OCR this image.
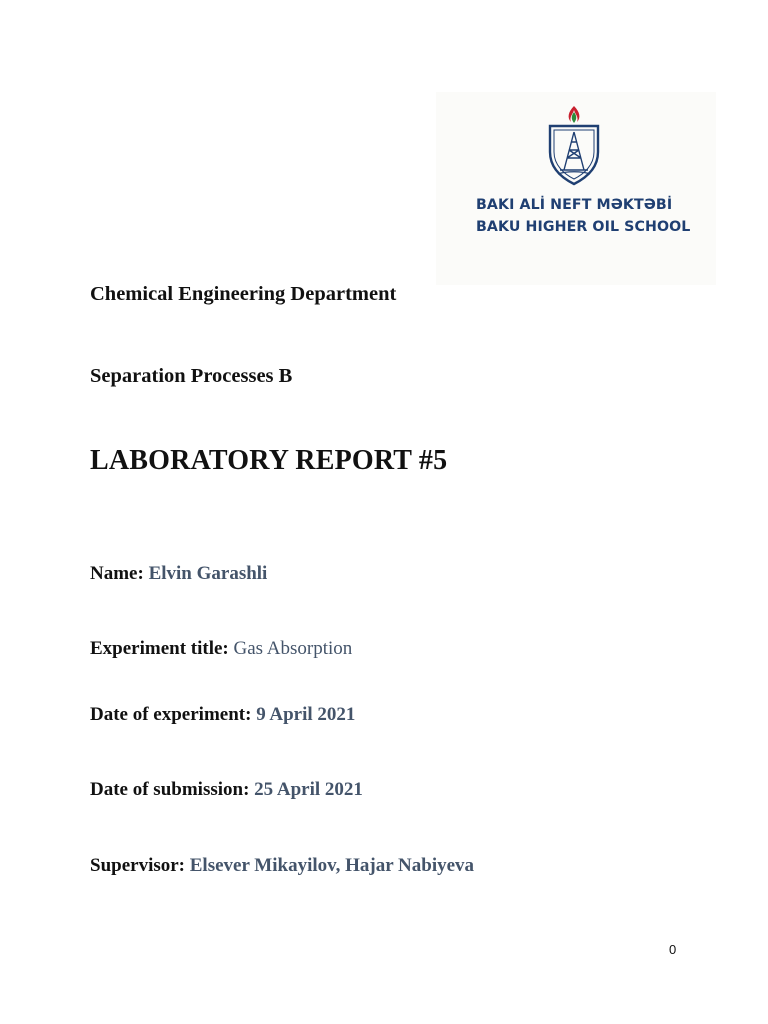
BAKI ALİ NEFT MƏKTƏBİ
BAKU HIGHER OIL SCHOOL
Chemical Engineering Department
Separation Processes B
LABORATORY REPORT #5
Name: Elvin Garashli
Experiment title: Gas Absorption
Date of experiment: 9 April 2021
Date of submission: 25 April 2021
Supervisor: Elsever Mikayilov, Hajar Nabiyeva
0
